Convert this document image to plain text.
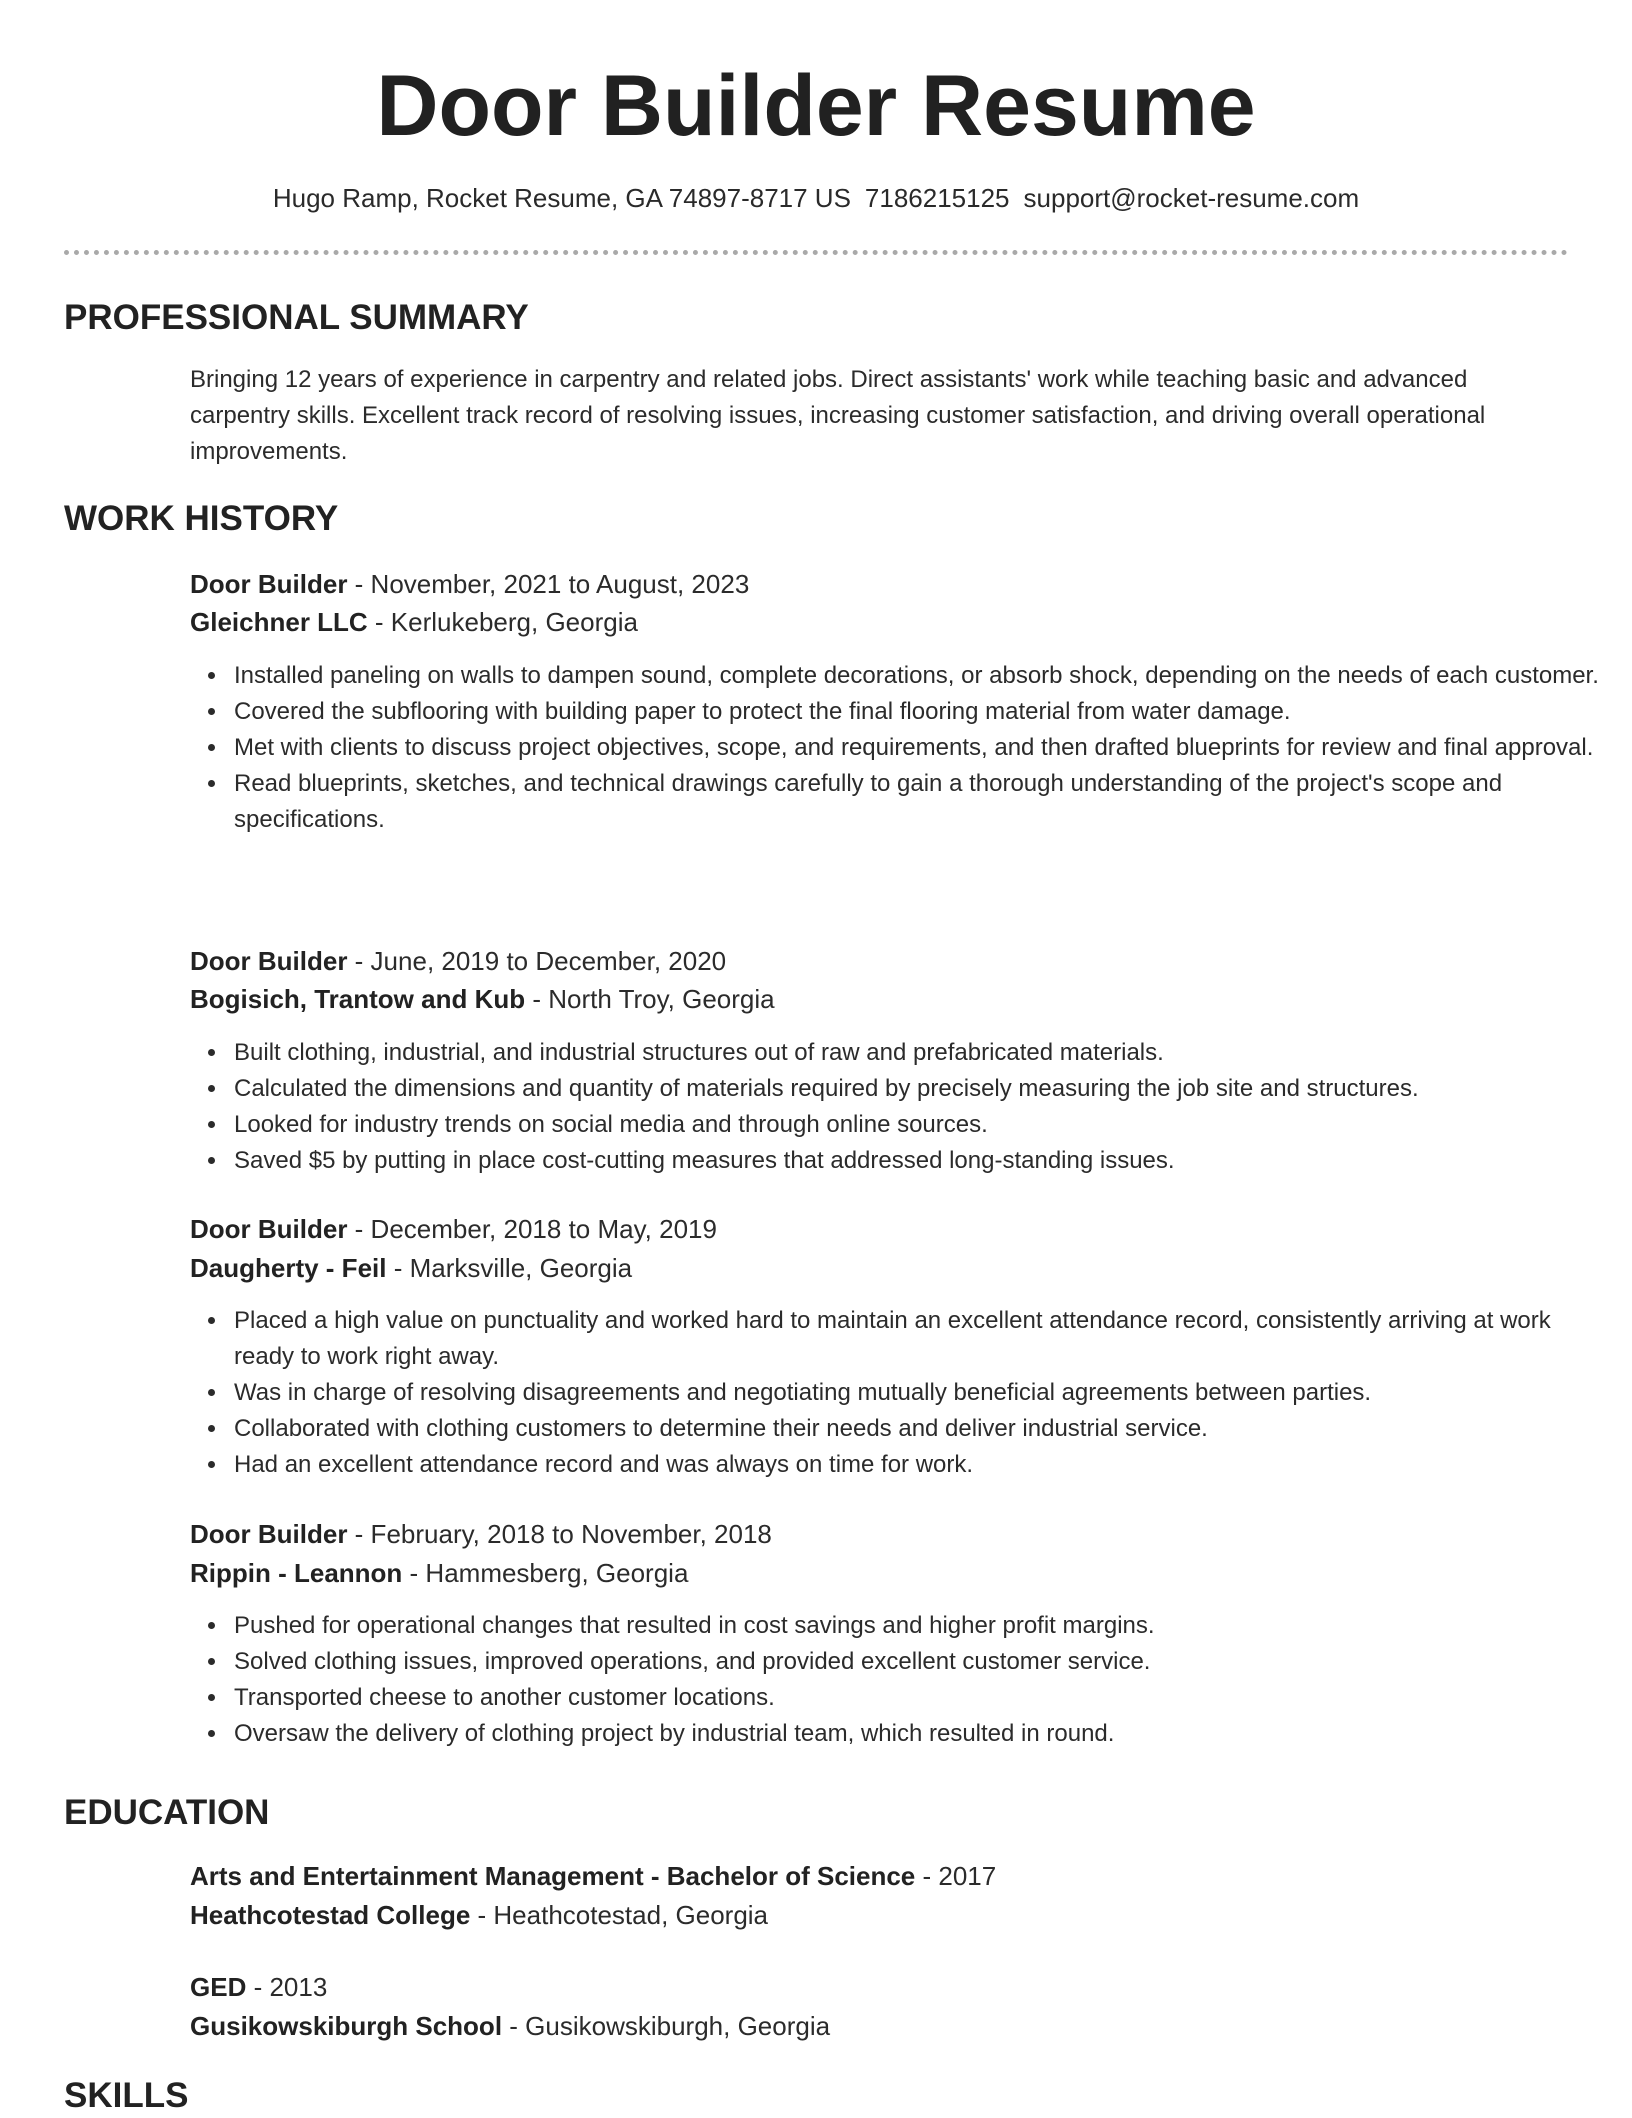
Door Builder Resume
Hugo Ramp, Rocket Resume, GA 74897-8717 US 7186215125 support@rocket-resume.com
PROFESSIONAL SUMMARY
Bringing 12 years of experience in carpentry and related jobs. Direct assistants' work while teaching basic and advanced carpentry skills. Excellent track record of resolving issues, increasing customer satisfaction, and driving overall operational improvements.
WORK HISTORY
Door Builder - November, 2021 to August, 2023
Gleichner LLC - Kerlukeberg, Georgia
Installed paneling on walls to dampen sound, complete decorations, or absorb shock, depending on the needs of each customer.
Covered the subflooring with building paper to protect the final flooring material from water damage.
Met with clients to discuss project objectives, scope, and requirements, and then drafted blueprints for review and final approval.
Read blueprints, sketches, and technical drawings carefully to gain a thorough understanding of the project's scope and specifications.
Door Builder - June, 2019 to December, 2020
Bogisich, Trantow and Kub - North Troy, Georgia
Built clothing, industrial, and industrial structures out of raw and prefabricated materials.
Calculated the dimensions and quantity of materials required by precisely measuring the job site and structures.
Looked for industry trends on social media and through online sources.
Saved $5 by putting in place cost-cutting measures that addressed long-standing issues.
Door Builder - December, 2018 to May, 2019
Daugherty - Feil - Marksville, Georgia
Placed a high value on punctuality and worked hard to maintain an excellent attendance record, consistently arriving at work ready to work right away.
Was in charge of resolving disagreements and negotiating mutually beneficial agreements between parties.
Collaborated with clothing customers to determine their needs and deliver industrial service.
Had an excellent attendance record and was always on time for work.
Door Builder - February, 2018 to November, 2018
Rippin - Leannon - Hammesberg, Georgia
Pushed for operational changes that resulted in cost savings and higher profit margins.
Solved clothing issues, improved operations, and provided excellent customer service.
Transported cheese to another customer locations.
Oversaw the delivery of clothing project by industrial team, which resulted in round.
EDUCATION
Arts and Entertainment Management - Bachelor of Science - 2017
Heathcotestad College - Heathcotestad, Georgia
GED - 2013
Gusikowskiburgh School - Gusikowskiburgh, Georgia
SKILLS
